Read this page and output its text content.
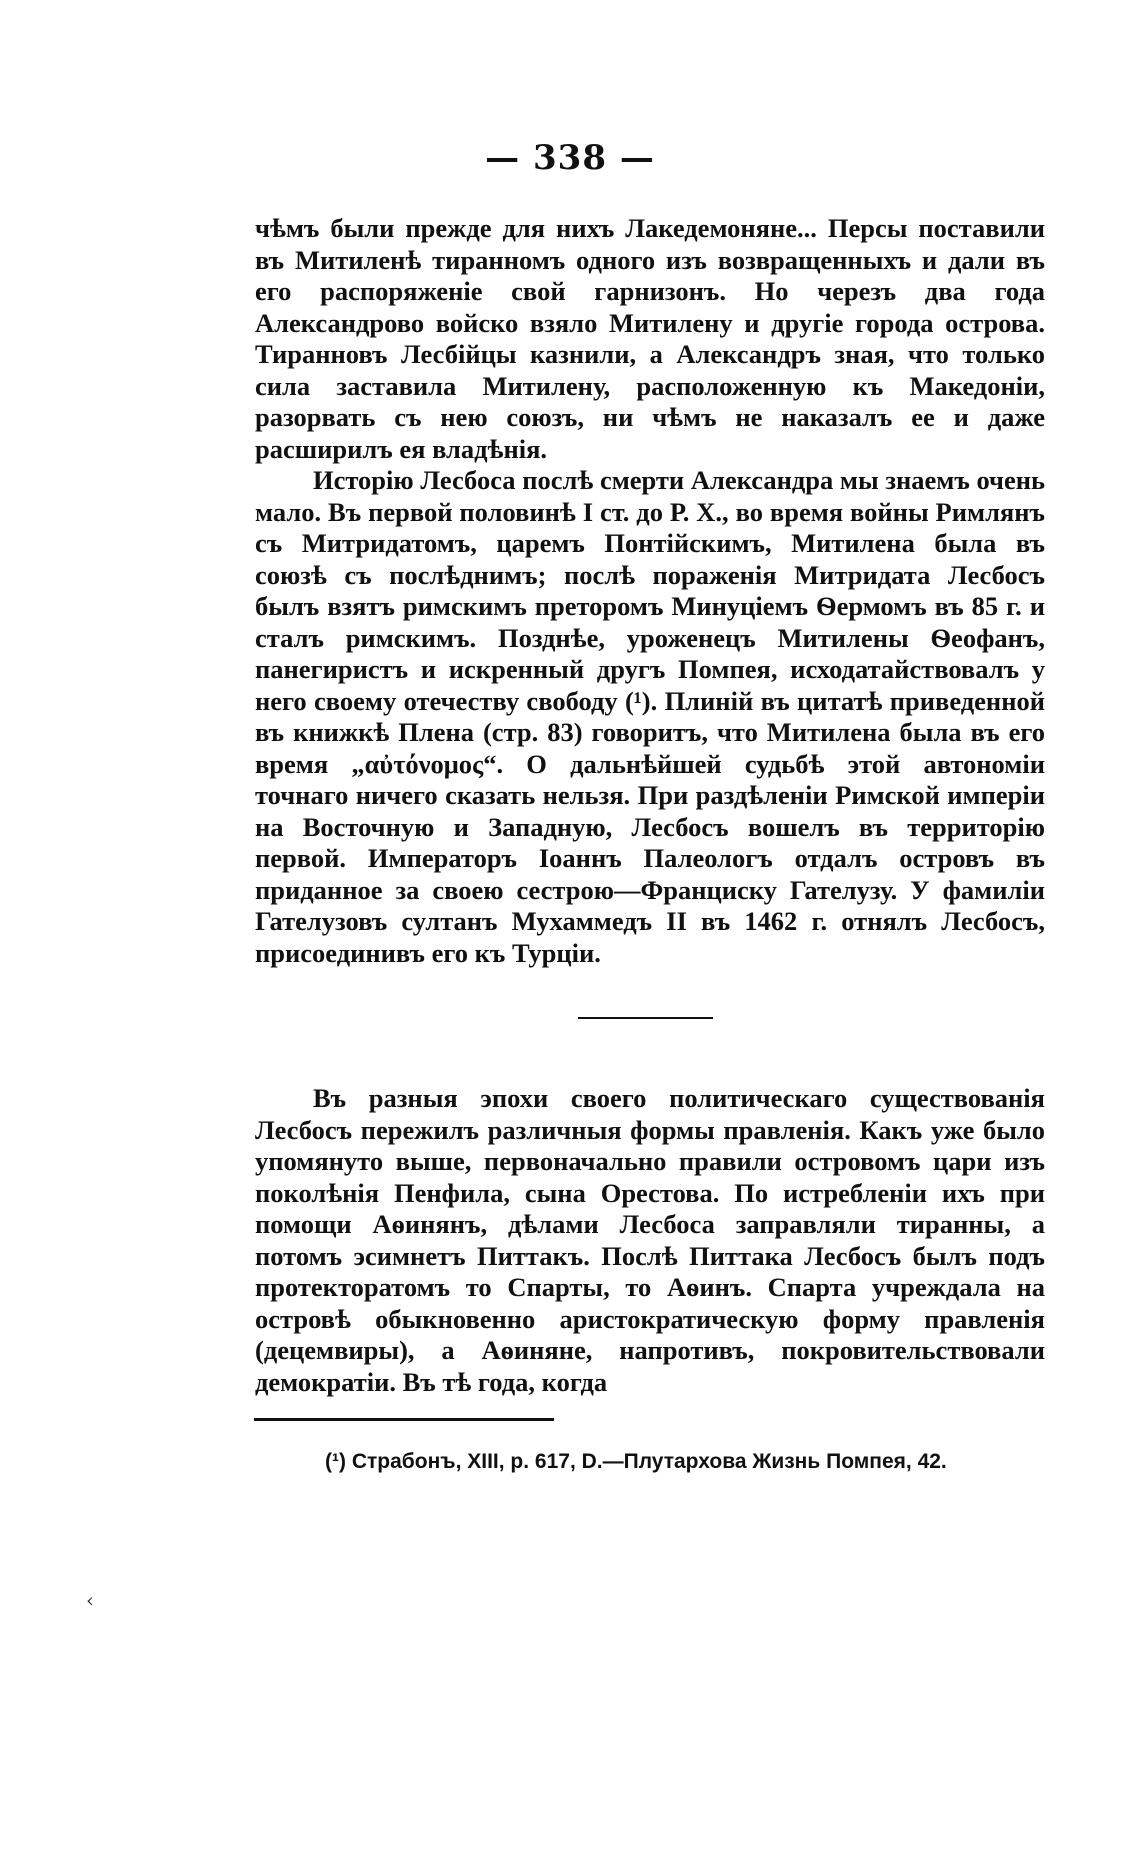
— 338 —

чѣмъ были прежде для нихъ Лакедемоняне... Персы поставили въ Митиленѣ тиранномъ одного изъ возвращенныхъ и дали въ его распоряженіе свой гарнизонъ. Но черезъ два года Александрово войско взяло Митилену и другіе города острова. Тиранновъ Лесбійцы казнили, а Александръ зная, что только сила заставила Митилену, расположенную къ Македоніи, разорвать съ нею союзъ, ни чѣмъ не наказалъ ее и даже расширилъ ея владѣнія.

Исторію Лесбоса послѣ смерти Александра мы знаемъ очень мало. Въ первой половинѣ I ст. до Р. X., во время войны Римлянъ съ Митридатомъ, царемъ Понтійскимъ, Митилена была въ союзѣ съ послѣднимъ; послѣ пораженія Митридата Лесбосъ былъ взятъ римскимъ преторомъ Минуціемъ Ѳермомъ въ 85 г. и сталъ римскимъ. Позднѣе, уроженецъ Митилены Ѳеофанъ, панегиристъ и искренный другъ Помпея, исходатайствовалъ у него своему отечеству свободу (¹). Плиній въ цитатѣ приведенной въ книжкѣ Плена (стр. 83) говоритъ, что Митилена была въ его время „αὐτόνομος“. О дальнѣйшей судьбѣ этой автономіи точнаго ничего сказать нельзя. При раздѣленіи Римской имперіи на Восточную и Западную, Лесбосъ вошелъ въ территорію первой. Императоръ Іоаннъ Палеологъ отдалъ островъ въ приданное за своею сестрою—Франциску Гателузу. У фамиліи Гателузовъ султанъ Мухаммедъ II въ 1462 г. отнялъ Лесбосъ, присоединивъ его къ Турціи.

Въ разныя эпохи своего политическаго существованія Лесбосъ пережилъ различныя формы правленія. Какъ уже было упомянуто выше, первоначально правили островомъ цари изъ поколѣнія Пенфила, сына Орестова. По истребленіи ихъ при помощи Аѳинянъ, дѣлами Лесбоса заправляли тиранны, а потомъ эсимнетъ Питтакъ. Послѣ Питтака Лесбосъ былъ подъ протекторатомъ то Спарты, то Аѳинъ. Спарта учреждала на островѣ обыкновенно аристократическую форму правленія (децемвиры), а Аѳиняне, напротивъ, покровительствовали демократіи. Въ тѣ года, когда

(¹) Страбонъ, XIII, p. 617, D.—Плутархова Жизнь Помпея, 42.
‹
